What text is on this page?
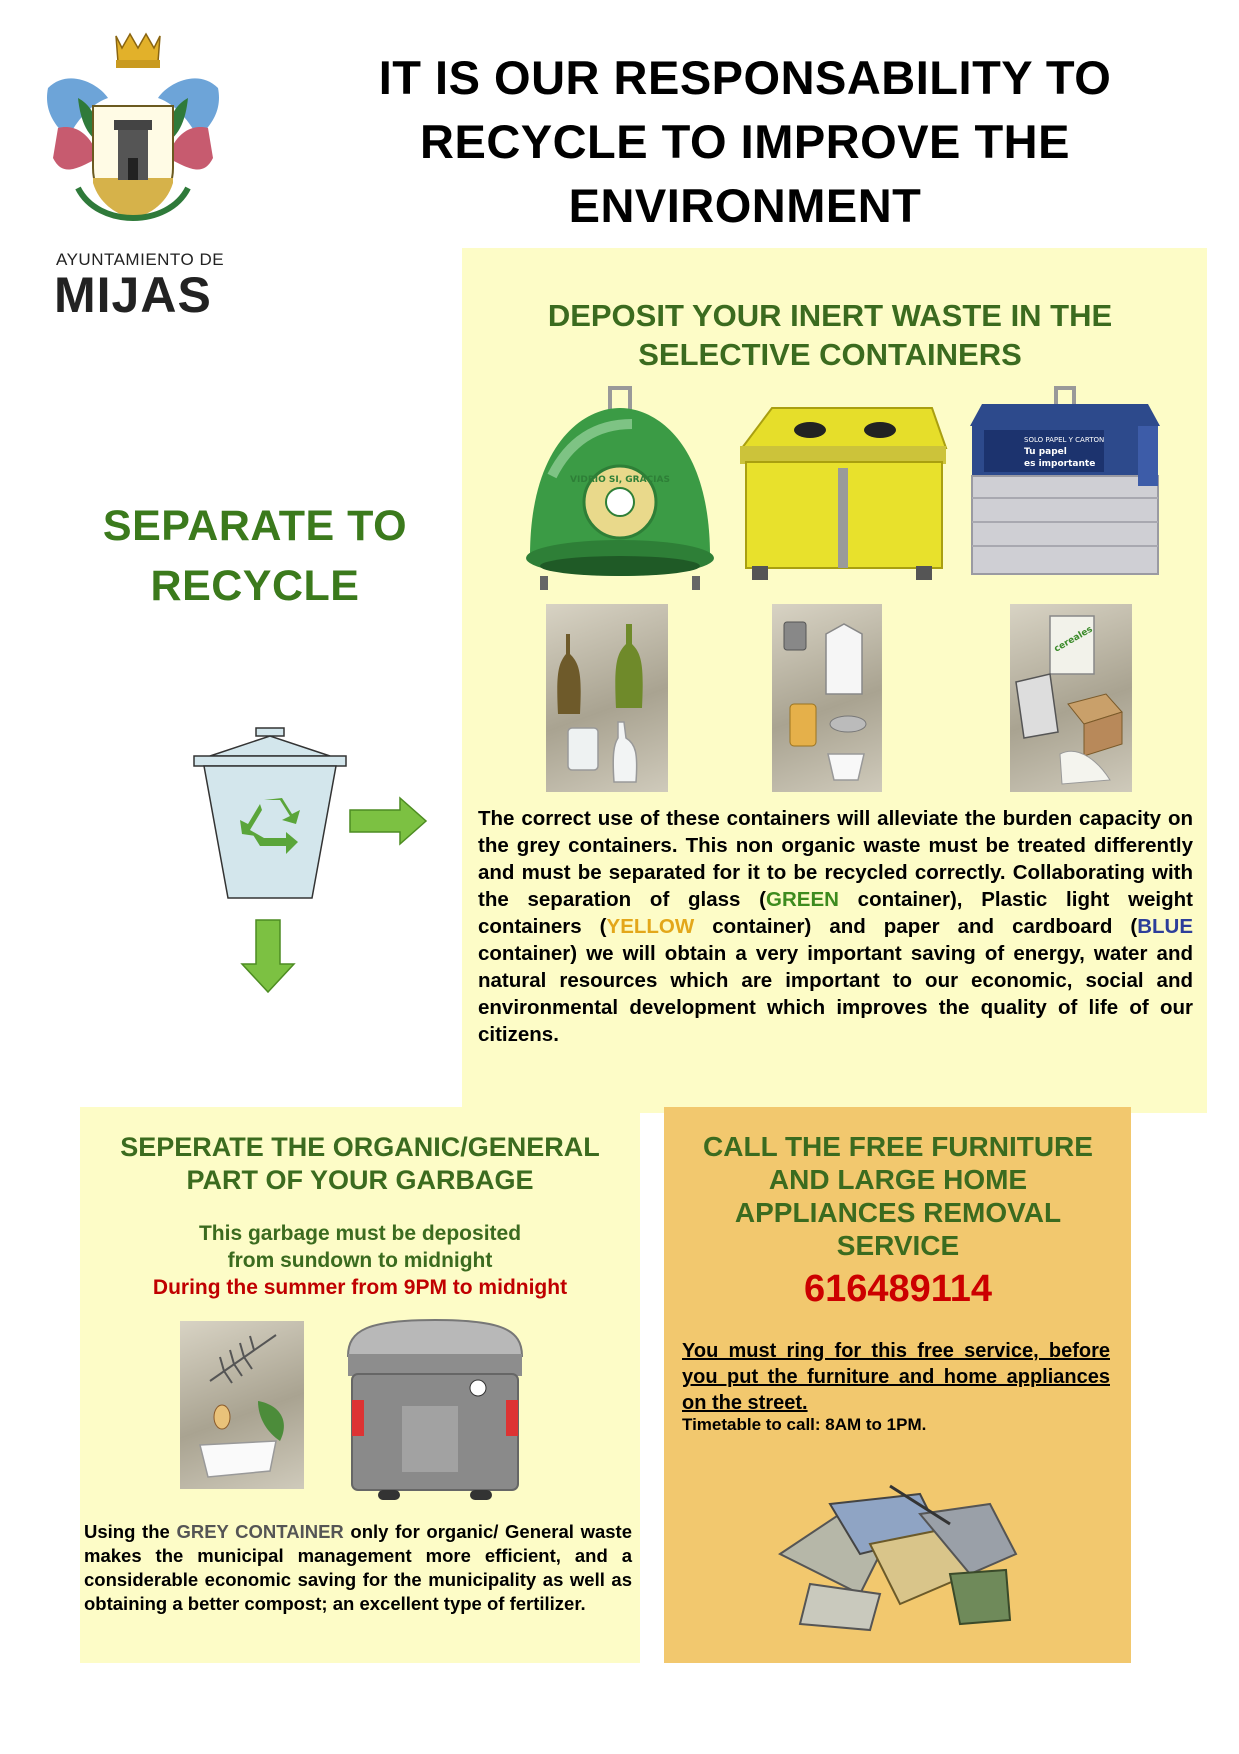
AYUNTAMIENTO DE
MIJAS
IT IS OUR RESPONSABILITY TO
RECYCLE TO IMPROVE THE
ENVIRONMENT
DEPOSIT YOUR INERT WASTE IN THE
SELECTIVE CONTAINERS
VIDRIO SI, GRACIAS
SOLO PAPEL Y CARTON
Tu papel
es importante
cereales
The correct use of these containers will alleviate the burden capacity on the grey containers. This non organic waste must be treated differently and must be separated for it to be recycled correctly. Collaborating with the separation of glass (GREEN container), Plastic light weight containers (YELLOW container) and paper and cardboard (BLUE container) we will obtain a very important saving of energy, water and natural resources which are important to our economic, social and environmental development which improves the quality of life of our citizens.
SEPARATE TO
RECYCLE
SEPERATE THE ORGANIC/GENERAL
PART OF YOUR GARBAGE
This garbage must be deposited
from sundown to midnight
During the summer from 9PM to midnight
Using the GREY CONTAINER only for organic/ General waste makes the municipal management more efficient, and a considerable economic saving for the municipality as well as obtaining a better compost; an excellent type of fertilizer.
CALL THE FREE FURNITURE
AND LARGE HOME
APPLIANCES REMOVAL
SERVICE
616489114
You must ring for this free service, before you put the furniture and home appliances on the street.
Timetable to call: 8AM to 1PM.
